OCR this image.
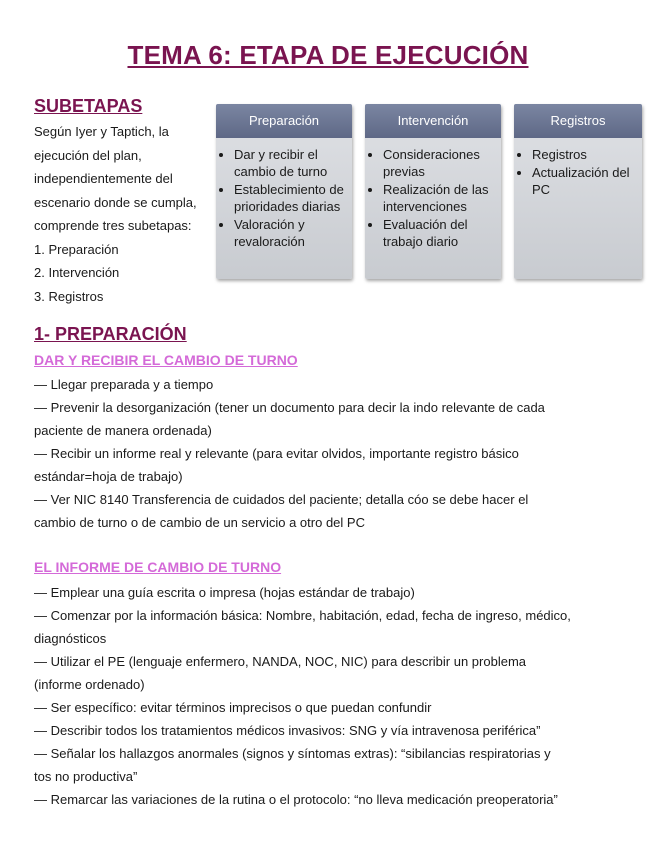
TEMA 6: ETAPA DE EJECUCIÓN
SUBETAPAS
Según Iyer y Taptich, la
ejecución del plan,
independientemente del
escenario donde se cumpla,
comprende tres subetapas:
1. Preparación
2. Intervención
3. Registros
Preparación
• Dar y recibir el cambio de turno
• Establecimiento de prioridades diarias
• Valoración y revaloración
Intervención
• Consideraciones previas
• Realización de las intervenciones
• Evaluación del trabajo diario
Registros
• Registros
• Actualización del PC
1- PREPARACIÓN
DAR Y RECIBIR EL CAMBIO DE TURNO
— Llegar preparada y a tiempo
— Prevenir la desorganización (tener un documento para decir la indo relevante de cada
paciente de manera ordenada)
— Recibir un informe real y relevante (para evitar olvidos, importante registro básico
estándar=hoja de trabajo)
— Ver NIC 8140 Transferencia de cuidados del paciente; detalla cóo se debe hacer el
cambio de turno o de cambio de un servicio a otro del PC
EL INFORME DE CAMBIO DE TURNO
— Emplear una guía escrita o impresa (hojas estándar de trabajo)
— Comenzar por la información básica: Nombre, habitación, edad, fecha de ingreso, médico,
diagnósticos
— Utilizar el PE (lenguaje enfermero, NANDA, NOC, NIC) para describir un problema
(informe ordenado)
— Ser específico: evitar términos imprecisos o que puedan confundir
— Describir todos los tratamientos médicos invasivos: SNG y vía intravenosa periférica”
— Señalar los hallazgos anormales (signos y síntomas extras): “sibilancias respiratorias y
tos no productiva”
— Remarcar las variaciones de la rutina o el protocolo: “no lleva medicación preoperatoria”
